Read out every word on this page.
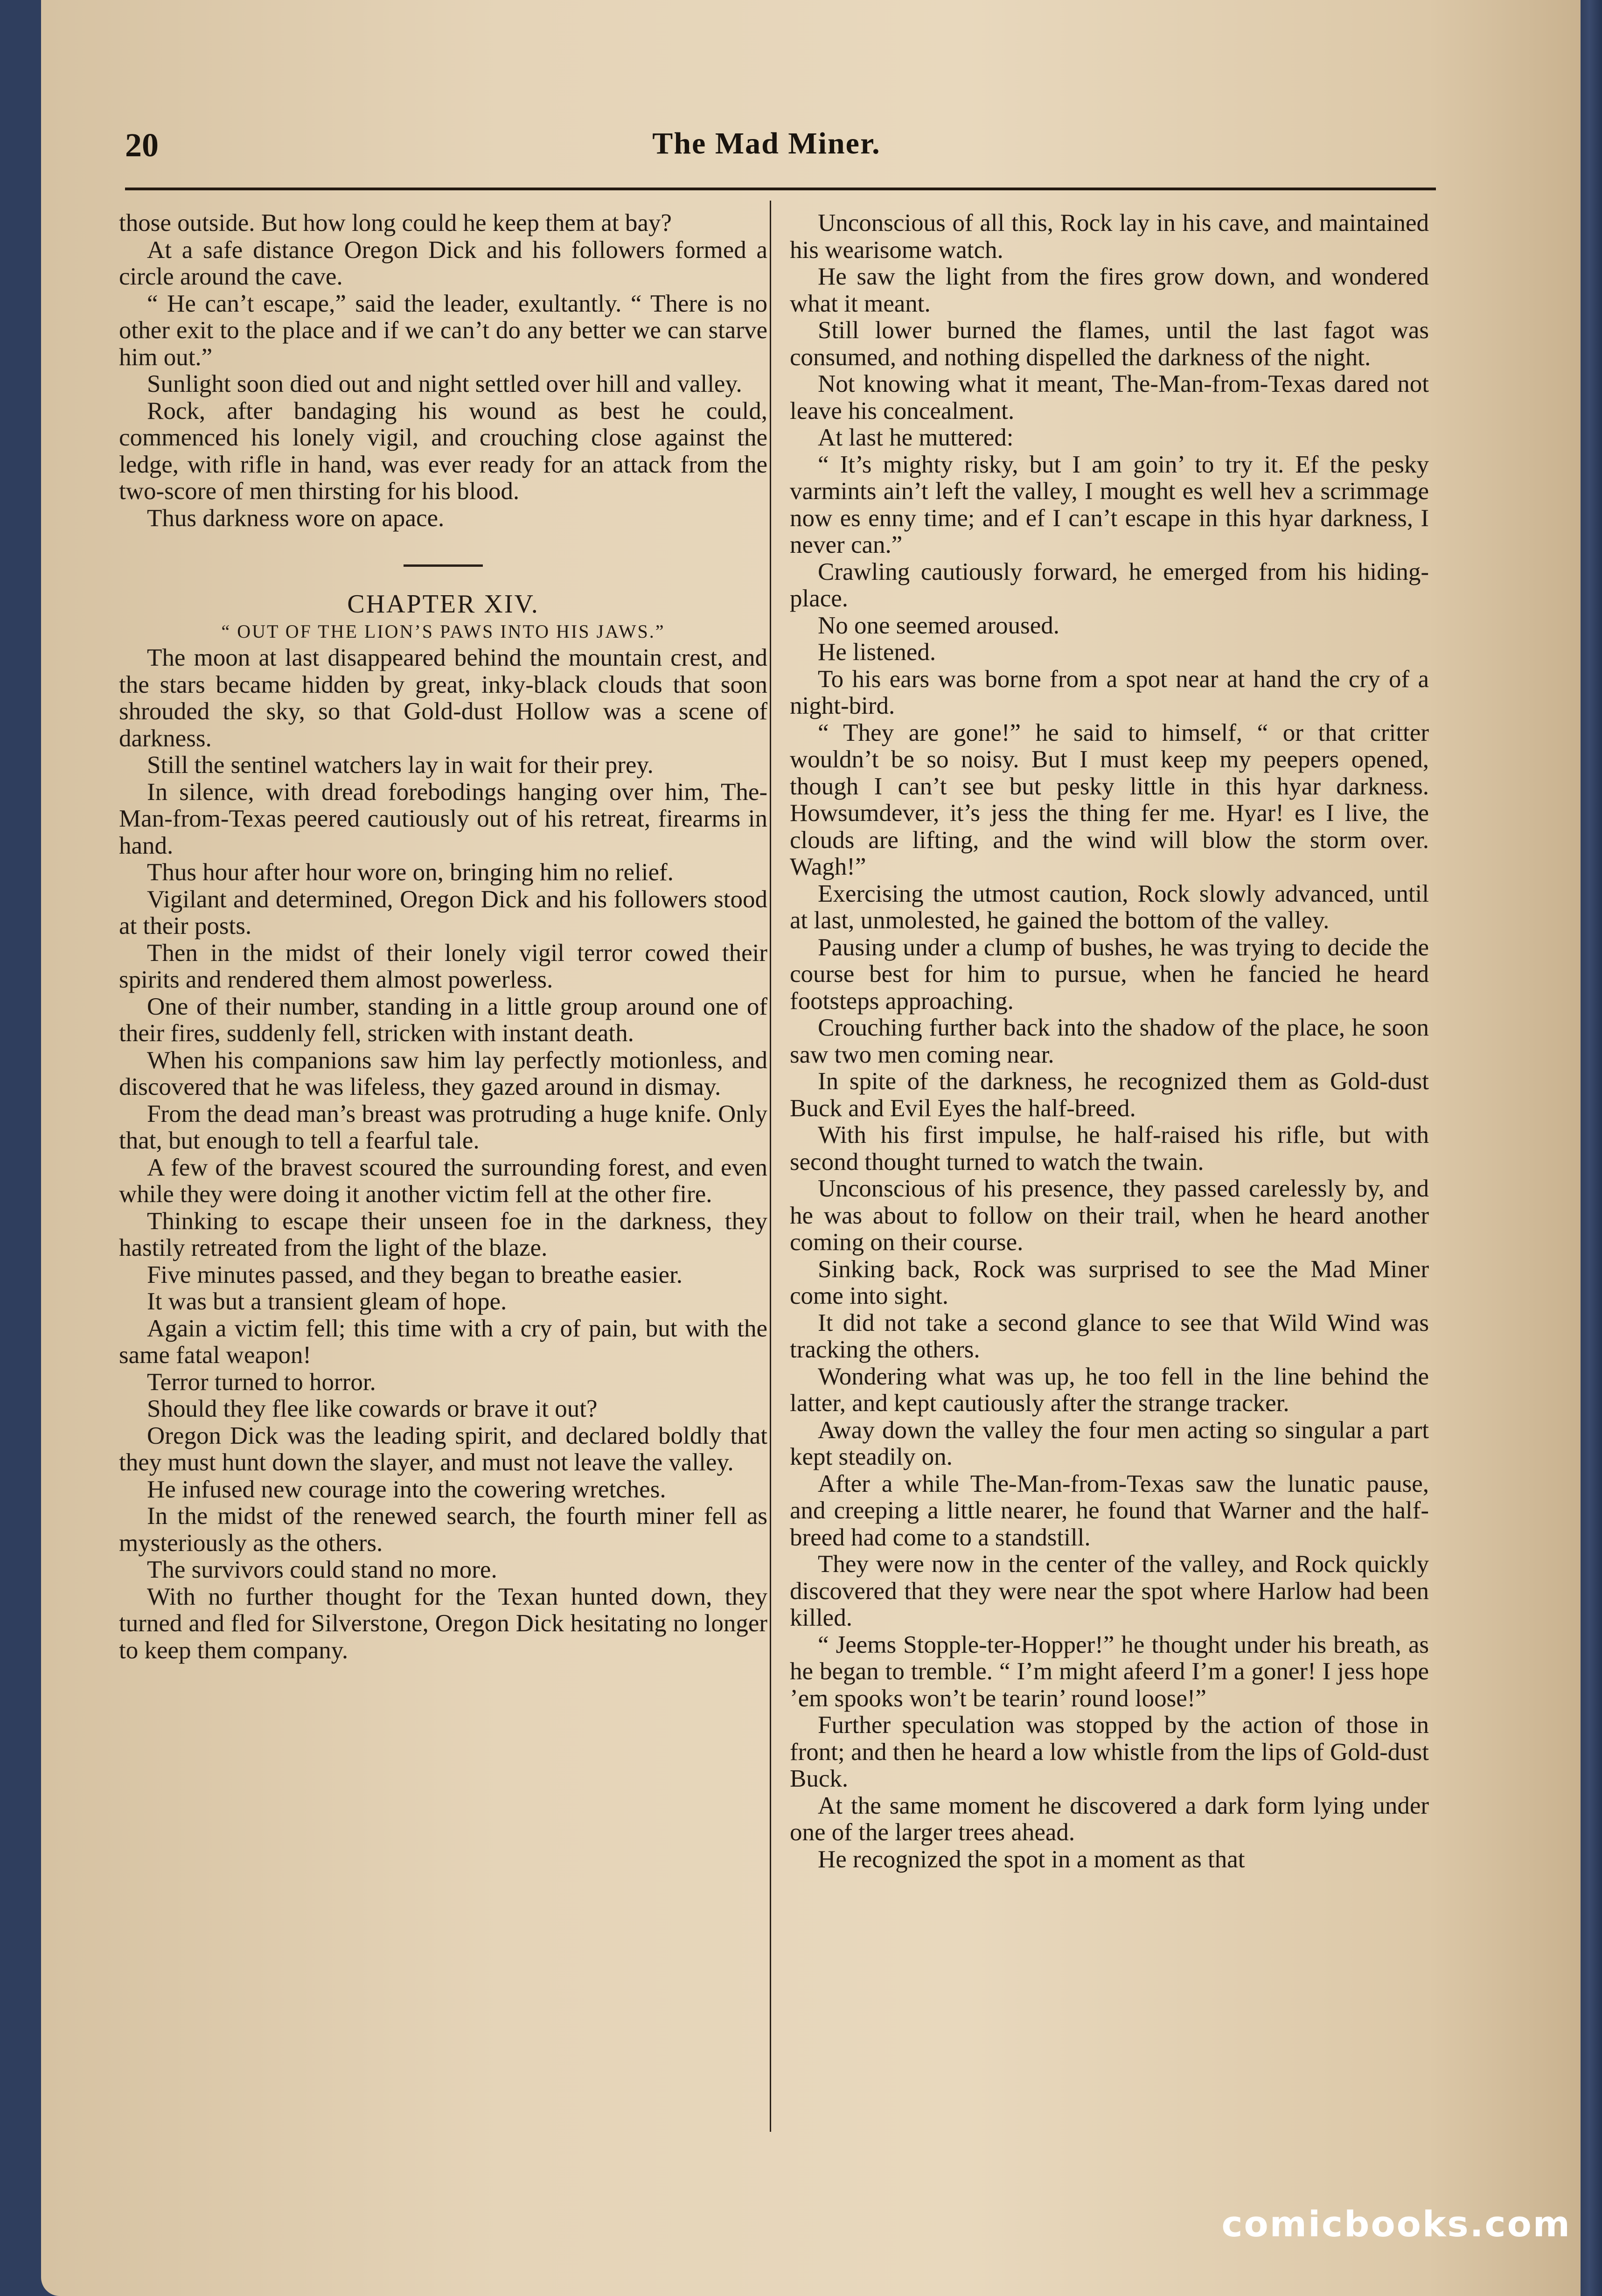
20	The Mad Miner.

those outside. But how long could he keep them at bay?

At a safe distance Oregon Dick and his followers formed a circle around the cave.

“ He can’t escape,” said the leader, exultantly. “ There is no other exit to the place and if we can’t do any better we can starve him out.”

Sunlight soon died out and night settled over hill and valley.

Rock, after bandaging his wound as best he could, commenced his lonely vigil, and crouching close against the ledge, with rifle in hand, was ever ready for an attack from the two-score of men thirsting for his blood.

Thus darkness wore on apace.

CHAPTER XIV.

“ OUT OF THE LION’S PAWS INTO HIS JAWS.”

The moon at last disappeared behind the mountain crest, and the stars became hidden by great, inky-black clouds that soon shrouded the sky, so that Gold-dust Hollow was a scene of darkness.

Still the sentinel watchers lay in wait for their prey.

In silence, with dread forebodings hanging over him, The-Man-from-Texas peered cautiously out of his retreat, firearms in hand.

Thus hour after hour wore on, bringing him no relief.

Vigilant and determined, Oregon Dick and his followers stood at their posts.

Then in the midst of their lonely vigil terror cowed their spirits and rendered them almost powerless.

One of their number, standing in a little group around one of their fires, suddenly fell, stricken with instant death.

When his companions saw him lay perfectly motionless, and discovered that he was lifeless, they gazed around in dismay.

From the dead man’s breast was protruding a huge knife. Only that, but enough to tell a fearful tale.

A few of the bravest scoured the surrounding forest, and even while they were doing it another victim fell at the other fire.

Thinking to escape their unseen foe in the darkness, they hastily retreated from the light of the blaze.

Five minutes passed, and they began to breathe easier.

It was but a transient gleam of hope.

Again a victim fell; this time with a cry of pain, but with the same fatal weapon!

Terror turned to horror.

Should they flee like cowards or brave it out?

Oregon Dick was the leading spirit, and declared boldly that they must hunt down the slayer, and must not leave the valley.

He infused new courage into the cowering wretches.

In the midst of the renewed search, the fourth miner fell as mysteriously as the others.

The survivors could stand no more.

With no further thought for the Texan hunted down, they turned and fled for Silverstone, Oregon Dick hesitating no longer to keep them company.

Unconscious of all this, Rock lay in his cave, and maintained his wearisome watch.

He saw the light from the fires grow down, and wondered what it meant.

Still lower burned the flames, until the last fagot was consumed, and nothing dispelled the darkness of the night.

Not knowing what it meant, The-Man-from-Texas dared not leave his concealment.

At last he muttered:

“ It’s mighty risky, but I am goin’ to try it. Ef the pesky varmints ain’t left the valley, I mought es well hev a scrimmage now es enny time; and ef I can’t escape in this hyar darkness, I never can.”

Crawling cautiously forward, he emerged from his hiding-place.

No one seemed aroused.

He listened.

To his ears was borne from a spot near at hand the cry of a night-bird.

“ They are gone!” he said to himself, “ or that critter wouldn’t be so noisy. But I must keep my peepers opened, though I can’t see but pesky little in this hyar darkness. Howsumdever, it’s jess the thing fer me. Hyar! es I live, the clouds are lifting, and the wind will blow the storm over. Wagh!”

Exercising the utmost caution, Rock slowly advanced, until at last, unmolested, he gained the bottom of the valley.

Pausing under a clump of bushes, he was trying to decide the course best for him to pursue, when he fancied he heard footsteps approaching.

Crouching further back into the shadow of the place, he soon saw two men coming near.

In spite of the darkness, he recognized them as Gold-dust Buck and Evil Eyes the half-breed.

With his first impulse, he half-raised his rifle, but with second thought turned to watch the twain.

Unconscious of his presence, they passed carelessly by, and he was about to follow on their trail, when he heard another coming on their course.

Sinking back, Rock was surprised to see the Mad Miner come into sight.

It did not take a second glance to see that Wild Wind was tracking the others.

Wondering what was up, he too fell in the line behind the latter, and kept cautiously after the strange tracker.

Away down the valley the four men acting so singular a part kept steadily on.

After a while The-Man-from-Texas saw the lunatic pause, and creeping a little nearer, he found that Warner and the half-breed had come to a standstill.

They were now in the center of the valley, and Rock quickly discovered that they were near the spot where Harlow had been killed.

“ Jeems Stopple-ter-Hopper!” he thought under his breath, as he began to tremble. “ I’m might afeerd I’m a goner! I jess hope ’em spooks won’t be tearin’ round loose!”

Further speculation was stopped by the action of those in front; and then he heard a low whistle from the lips of Gold-dust Buck.

At the same moment he discovered a dark form lying under one of the larger trees ahead.

He recognized the spot in a moment as that

comicbooks.com
